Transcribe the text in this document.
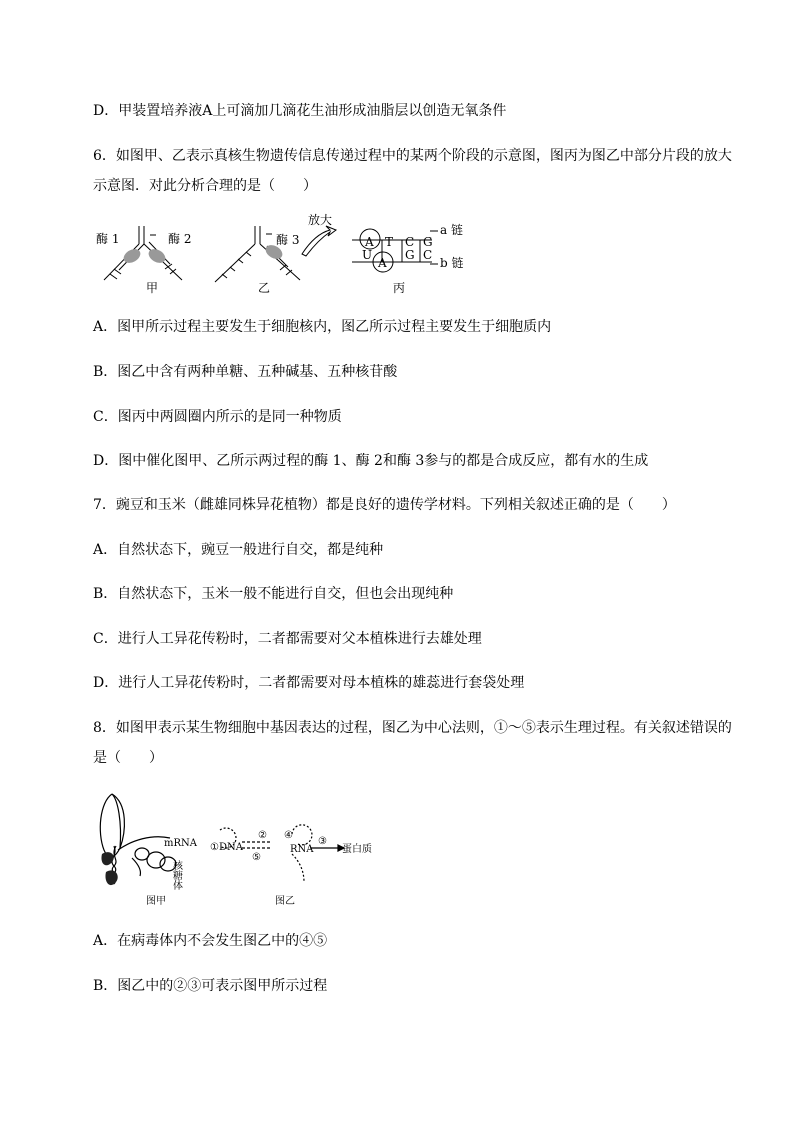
D．甲装置培养液A上可滴加几滴花生油形成油脂层以创造无氧条件
6．如图甲、乙表示真核生物遗传信息传递过程中的某两个阶段的示意图，图丙为图乙中部分片段的放大
示意图．对此分析合理的是（　　）
酶 1	酶 2	酶 3
放大
a 链
b 链
A T C G
U
A
G C
甲	乙	丙
A．图甲所示过程主要发生于细胞核内，图乙所示过程主要发生于细胞质内
B．图乙中含有两种单糖、五种碱基、五种核苷酸
C．图丙中两圆圈内所示的是同一种物质
D．图中催化图甲、乙所示两过程的酶 1、酶 2和酶 3参与的都是合成反应，都有水的生成
7．豌豆和玉米（雌雄同株异花植物）都是良好的遗传学材料。下列相关叙述正确的是（　　）
A．自然状态下，豌豆一般进行自交，都是纯种
B．自然状态下，玉米一般不能进行自交，但也会出现纯种
C．进行人工异花传粉时，二者都需要对父本植株进行去雄处理
D．进行人工异花传粉时，二者都需要对母本植株的雄蕊进行套袋处理
8．如图甲表示某生物细胞中基因表达的过程，图乙为中心法则，①～⑤表示生理过程。有关叙述错误的
是（　　）
mRNA
核糖体
①DNA
②
⑤
④
RNA
③
蛋白质
图甲	图乙
A．在病毒体内不会发生图乙中的④⑤
B．图乙中的②③可表示图甲所示过程
